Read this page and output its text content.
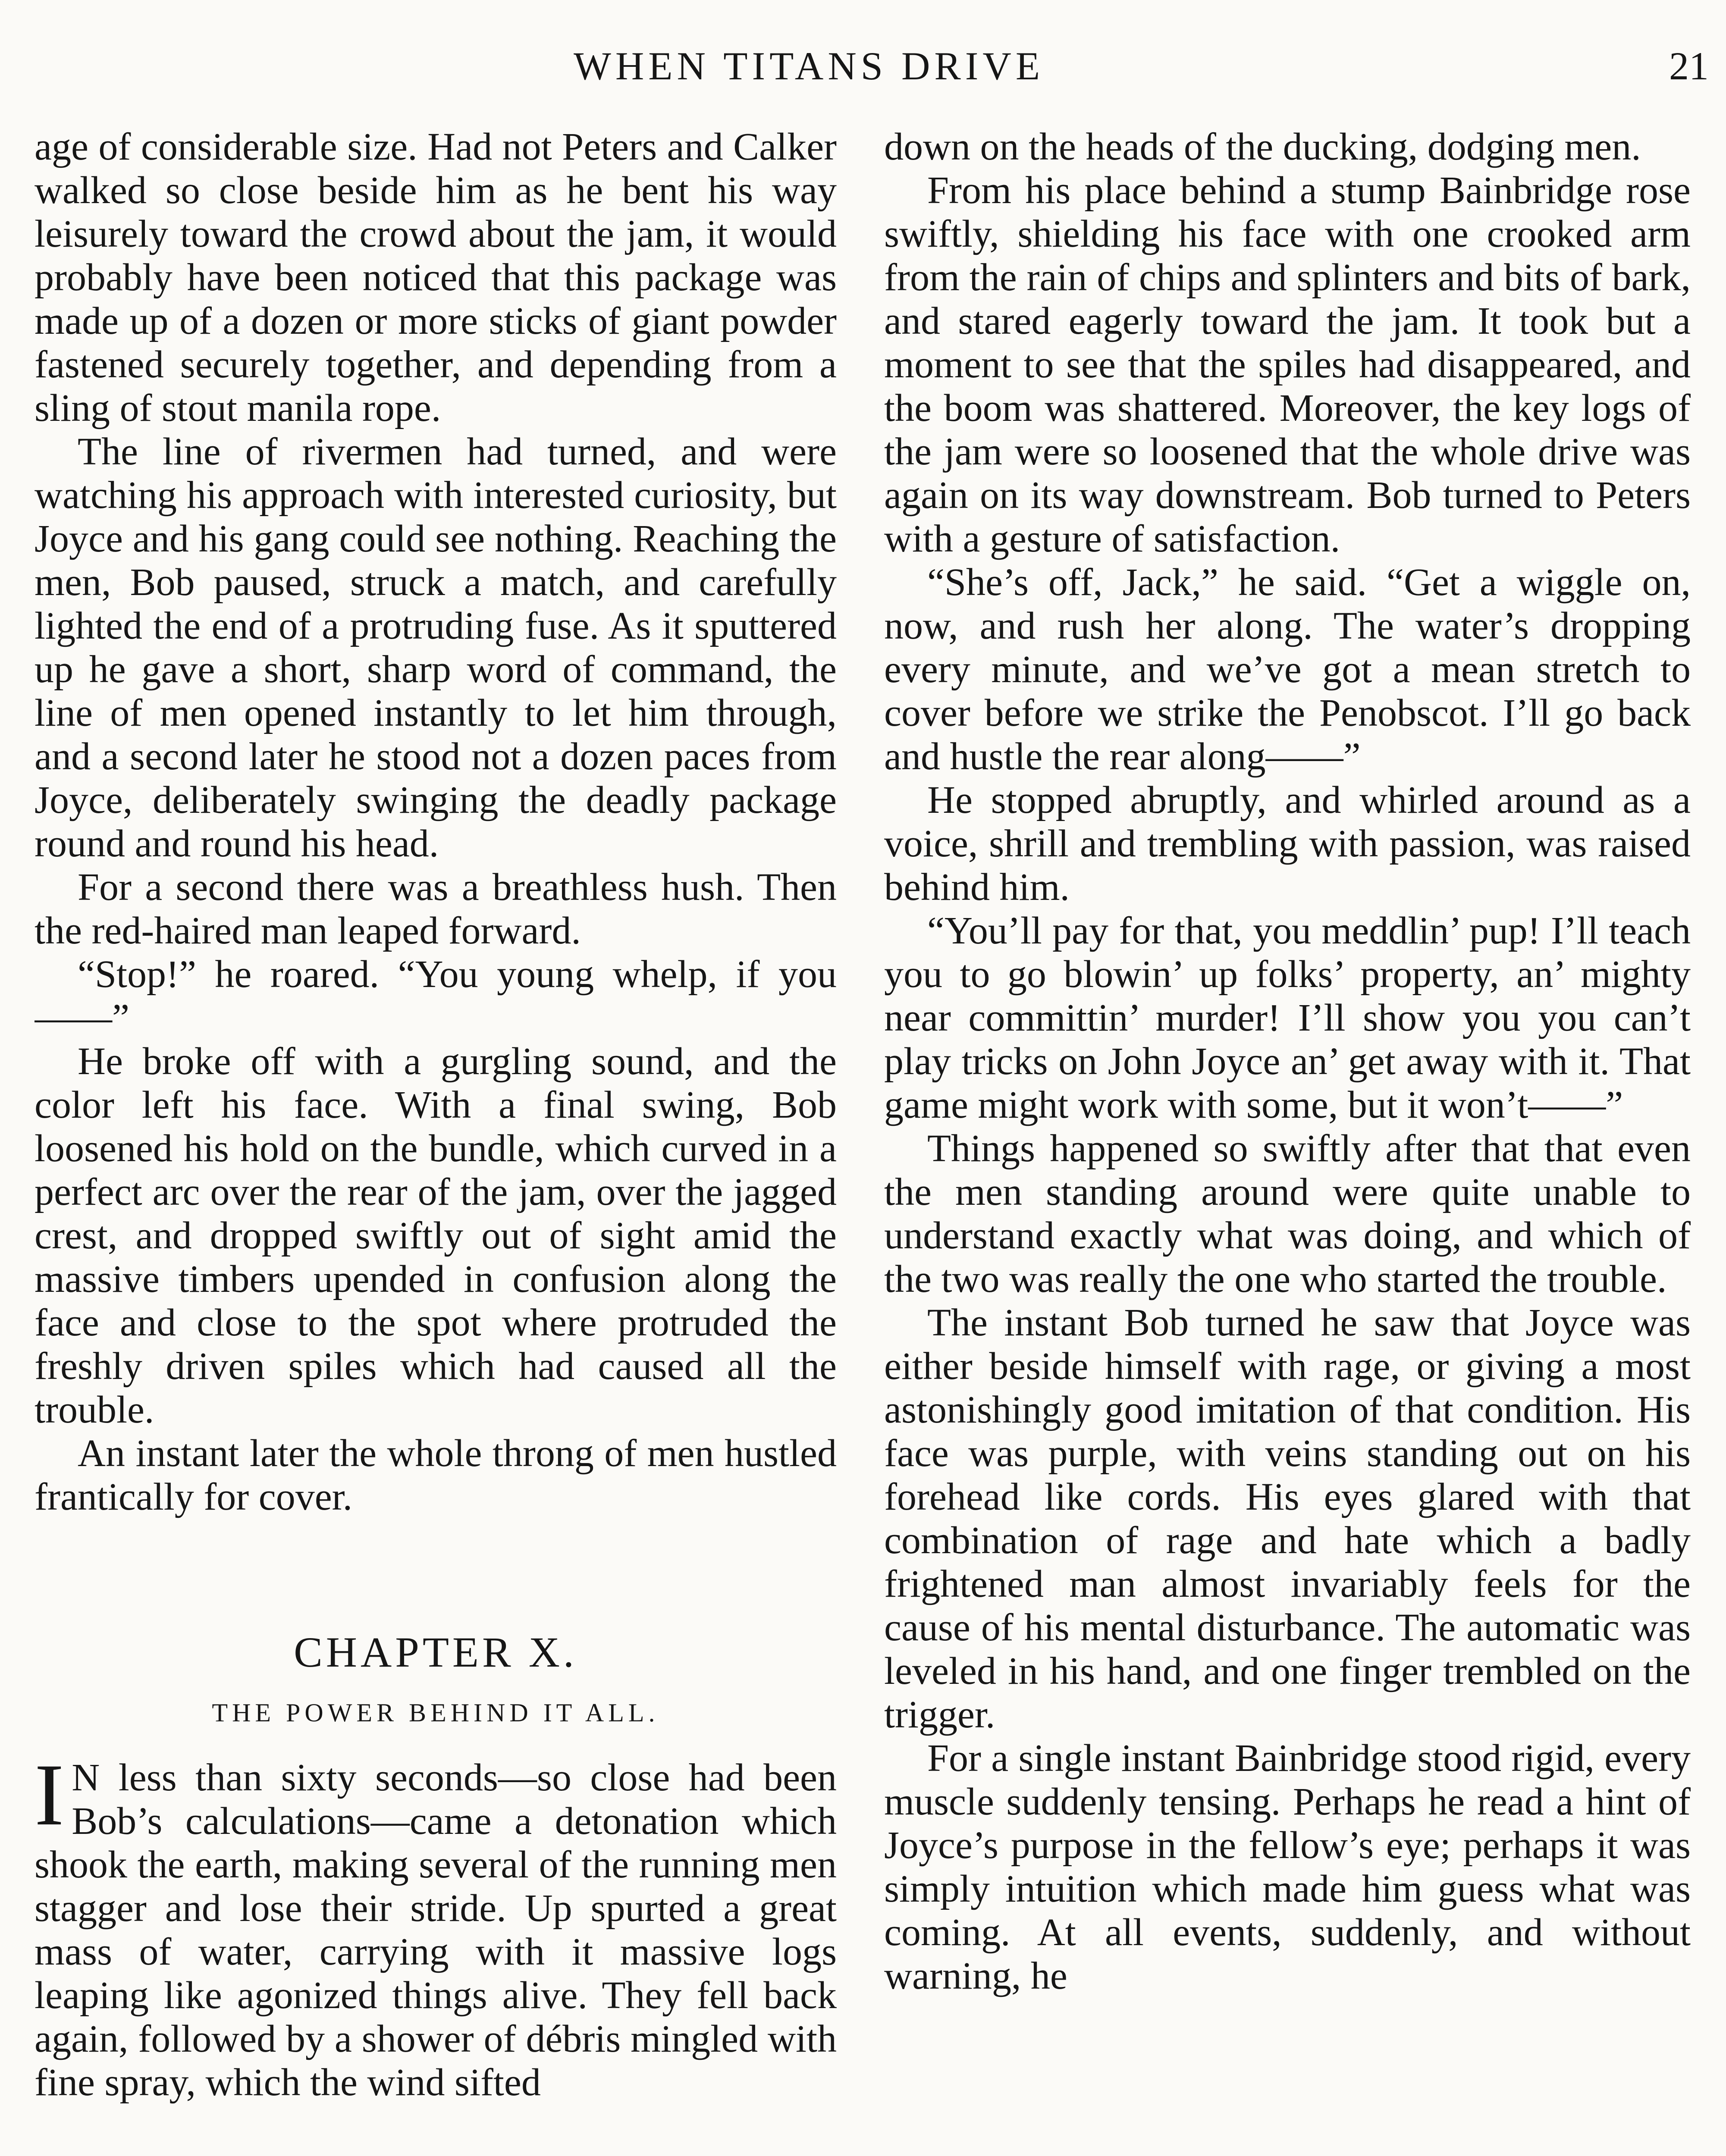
WHEN TITANS DRIVE	21

age of considerable size. Had not Peters and Calker walked so close beside him as he bent his way leisurely toward the crowd about the jam, it would probably have been noticed that this package was made up of a dozen or more sticks of giant powder fastened securely together, and depending from a sling of stout manila rope.

The line of rivermen had turned, and were watching his approach with interested curiosity, but Joyce and his gang could see nothing. Reaching the men, Bob paused, struck a match, and carefully lighted the end of a protruding fuse. As it sputtered up he gave a short, sharp word of command, the line of men opened instantly to let him through, and a second later he stood not a dozen paces from Joyce, deliberately swinging the deadly package round and round his head.

For a second there was a breathless hush. Then the red-haired man leaped forward.

“Stop!” he roared. “You young whelp, if you——”

He broke off with a gurgling sound, and the color left his face. With a final swing, Bob loosened his hold on the bundle, which curved in a perfect arc over the rear of the jam, over the jagged crest, and dropped swiftly out of sight amid the massive timbers upended in confusion along the face and close to the spot where protruded the freshly driven spiles which had caused all the trouble.

An instant later the whole throng of men hustled frantically for cover.

CHAPTER X.
THE POWER BEHIND IT ALL.
I N less than sixty seconds—so close had been Bob’s calculations—came a detonation which shook the earth, making several of the running men stagger and lose their stride. Up spurted a great mass of water, carrying with it massive logs leaping like agonized things alive. They fell back again, followed by a shower of débris mingled with fine spray, which the wind sifted

down on the heads of the ducking, dodging men.

From his place behind a stump Bainbridge rose swiftly, shielding his face with one crooked arm from the rain of chips and splinters and bits of bark, and stared eagerly toward the jam. It took but a moment to see that the spiles had disappeared, and the boom was shattered. Moreover, the key logs of the jam were so loosened that the whole drive was again on its way downstream. Bob turned to Peters with a gesture of satisfaction.

“She’s off, Jack,” he said. “Get a wiggle on, now, and rush her along. The water’s dropping every minute, and we’ve got a mean stretch to cover before we strike the Penobscot. I’ll go back and hustle the rear along——”

He stopped abruptly, and whirled around as a voice, shrill and trembling with passion, was raised behind him.

“You’ll pay for that, you meddlin’ pup! I’ll teach you to go blowin’ up folks’ property, an’ mighty near committin’ murder! I’ll show you you can’t play tricks on John Joyce an’ get away with it. That game might work with some, but it won’t——”

Things happened so swiftly after that that even the men standing around were quite unable to understand exactly what was doing, and which of the two was really the one who started the trouble.

The instant Bob turned he saw that Joyce was either beside himself with rage, or giving a most astonishingly good imitation of that condition. His face was purple, with veins standing out on his forehead like cords. His eyes glared with that combination of rage and hate which a badly frightened man almost invariably feels for the cause of his mental disturbance. The automatic was leveled in his hand, and one finger trembled on the trigger.

For a single instant Bainbridge stood rigid, every muscle suddenly tensing. Perhaps he read a hint of Joyce’s purpose in the fellow’s eye; perhaps it was simply intuition which made him guess what was coming. At all events, suddenly, and without warning, he
